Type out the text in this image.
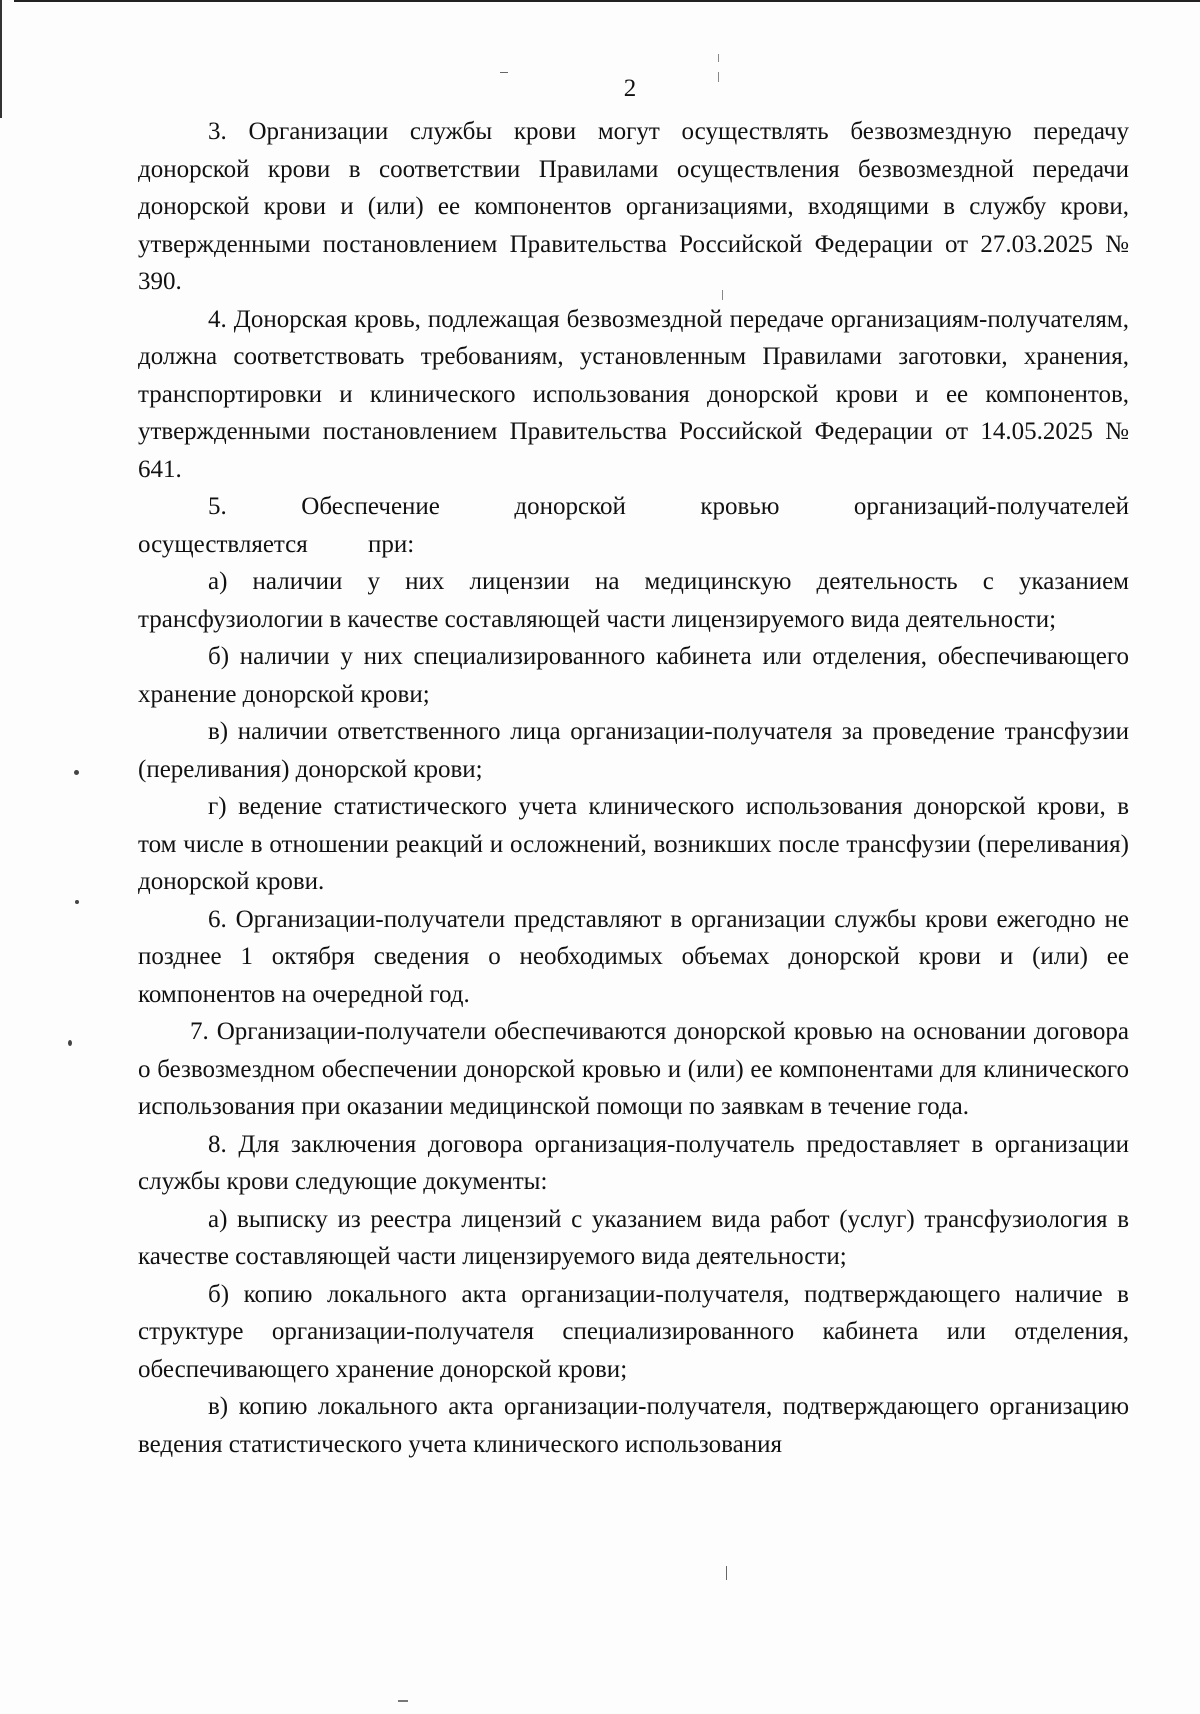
2

3. Организации службы крови могут осуществлять безвозмездную передачу донорской крови в соответствии Правилами осуществления безвозмездной передачи донорской крови и (или) ее компонентов организациями, входящими в службу крови, утвержденными постановлением Правительства Российской Федерации от 27.03.2025 № 390.

4. Донорская кровь, подлежащая безвозмездной передаче организациям-получателям, должна соответствовать требованиям, установленным Правилами заготовки, хранения, транспортировки и клинического использования донорской крови и ее компонентов, утвержденными постановлением Правительства Российской Федерации от 14.05.2025 № 641.

5. Обеспечение донорской кровью организаций-получателей осуществляется при:

а) наличии у них лицензии на медицинскую деятельность с указанием трансфузиологии в качестве составляющей части лицензируемого вида деятельности;

б) наличии у них специализированного кабинета или отделения, обеспечивающего хранение донорской крови;

в) наличии ответственного лица организации-получателя за проведение трансфузии (переливания) донорской крови;

г) ведение статистического учета клинического использования донорской крови, в том числе в отношении реакций и осложнений, возникших после трансфузии (переливания) донорской крови.

6. Организации-получатели представляют в организации службы крови ежегодно не позднее 1 октября сведения о необходимых объемах донорской крови и (или) ее компонентов на очередной год.

7. Организации-получатели обеспечиваются донорской кровью на основании договора о безвозмездном обеспечении донорской кровью и (или) ее компонентами для клинического использования при оказании медицинской помощи по заявкам в течение года.

8. Для заключения договора организация-получатель предоставляет в организации службы крови следующие документы:

а) выписку из реестра лицензий с указанием вида работ (услуг) трансфузиология в качестве составляющей части лицензируемого вида деятельности;

б) копию локального акта организации-получателя, подтверждающего наличие в структуре организации-получателя специализированного кабинета или отделения, обеспечивающего хранение донорской крови;

в) копию локального акта организации-получателя, подтверждающего организацию ведения статистического учета клинического использования
